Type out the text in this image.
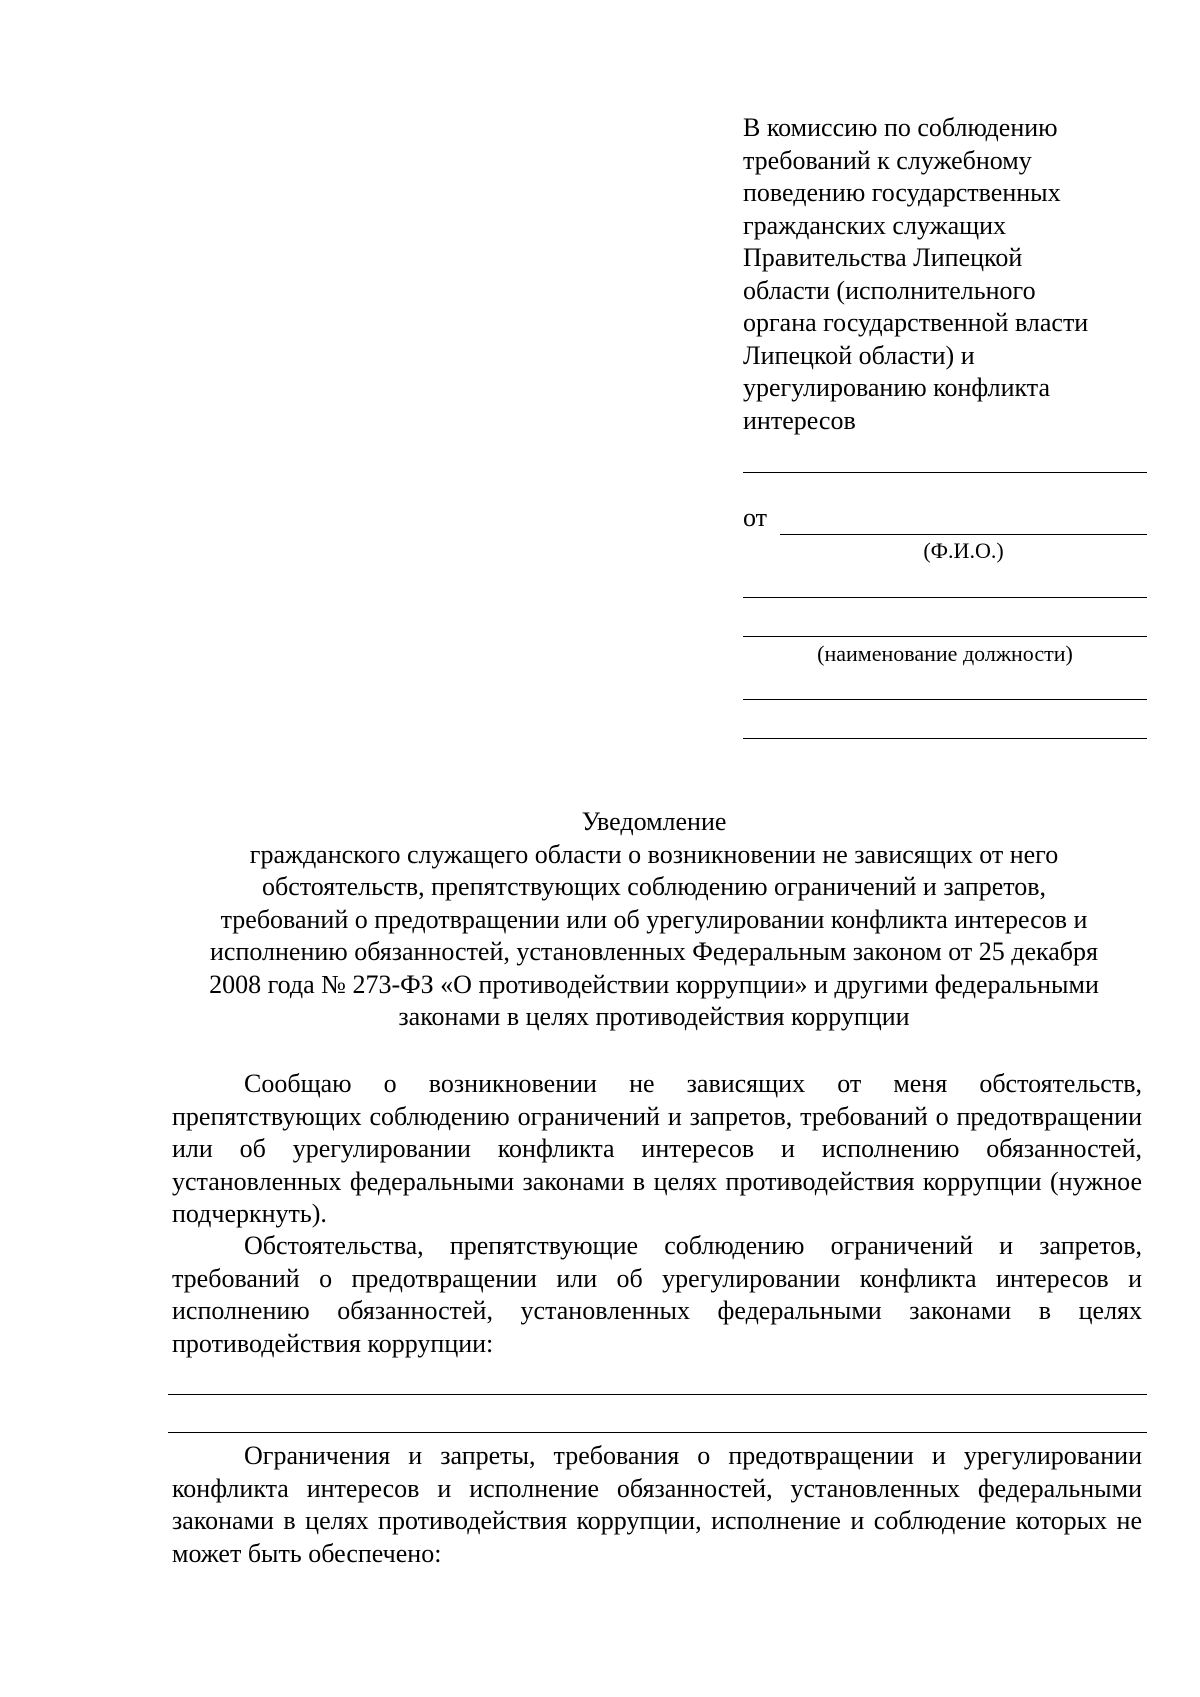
В комиссию по соблюдению
требований к служебному
поведению государственных
гражданских служащих
Правительства Липецкой
области (исполнительного
органа государственной власти
Липецкой области) и
урегулированию конфликта
интересов
от
(Ф.И.О.)
(наименование должности)
Уведомление
гражданского служащего области о возникновении не зависящих от него
обстоятельств, препятствующих соблюдению ограничений и запретов,
требований о предотвращении или об урегулировании конфликта интересов и
исполнению обязанностей, установленных Федеральным законом от 25 декабря
2008 года № 273-ФЗ «О противодействии коррупции» и другими федеральными
законами в целях противодействия коррупции
Сообщаю о возникновении не зависящих от меня обстоятельств, препятствующих соблюдению ограничений и запретов, требований о предотвращении или об урегулировании конфликта интересов и исполнению обязанностей, установленных федеральными законами в целях противодействия коррупции (нужное подчеркнуть).
Обстоятельства, препятствующие соблюдению ограничений и запретов, требований о предотвращении или об урегулировании конфликта интересов и исполнению обязанностей, установленных федеральными законами в целях противодействия коррупции:
Ограничения и запреты, требования о предотвращении и урегулировании конфликта интересов и исполнение обязанностей, установленных федеральными законами в целях противодействия коррупции, исполнение и соблюдение которых не может быть обеспечено:
